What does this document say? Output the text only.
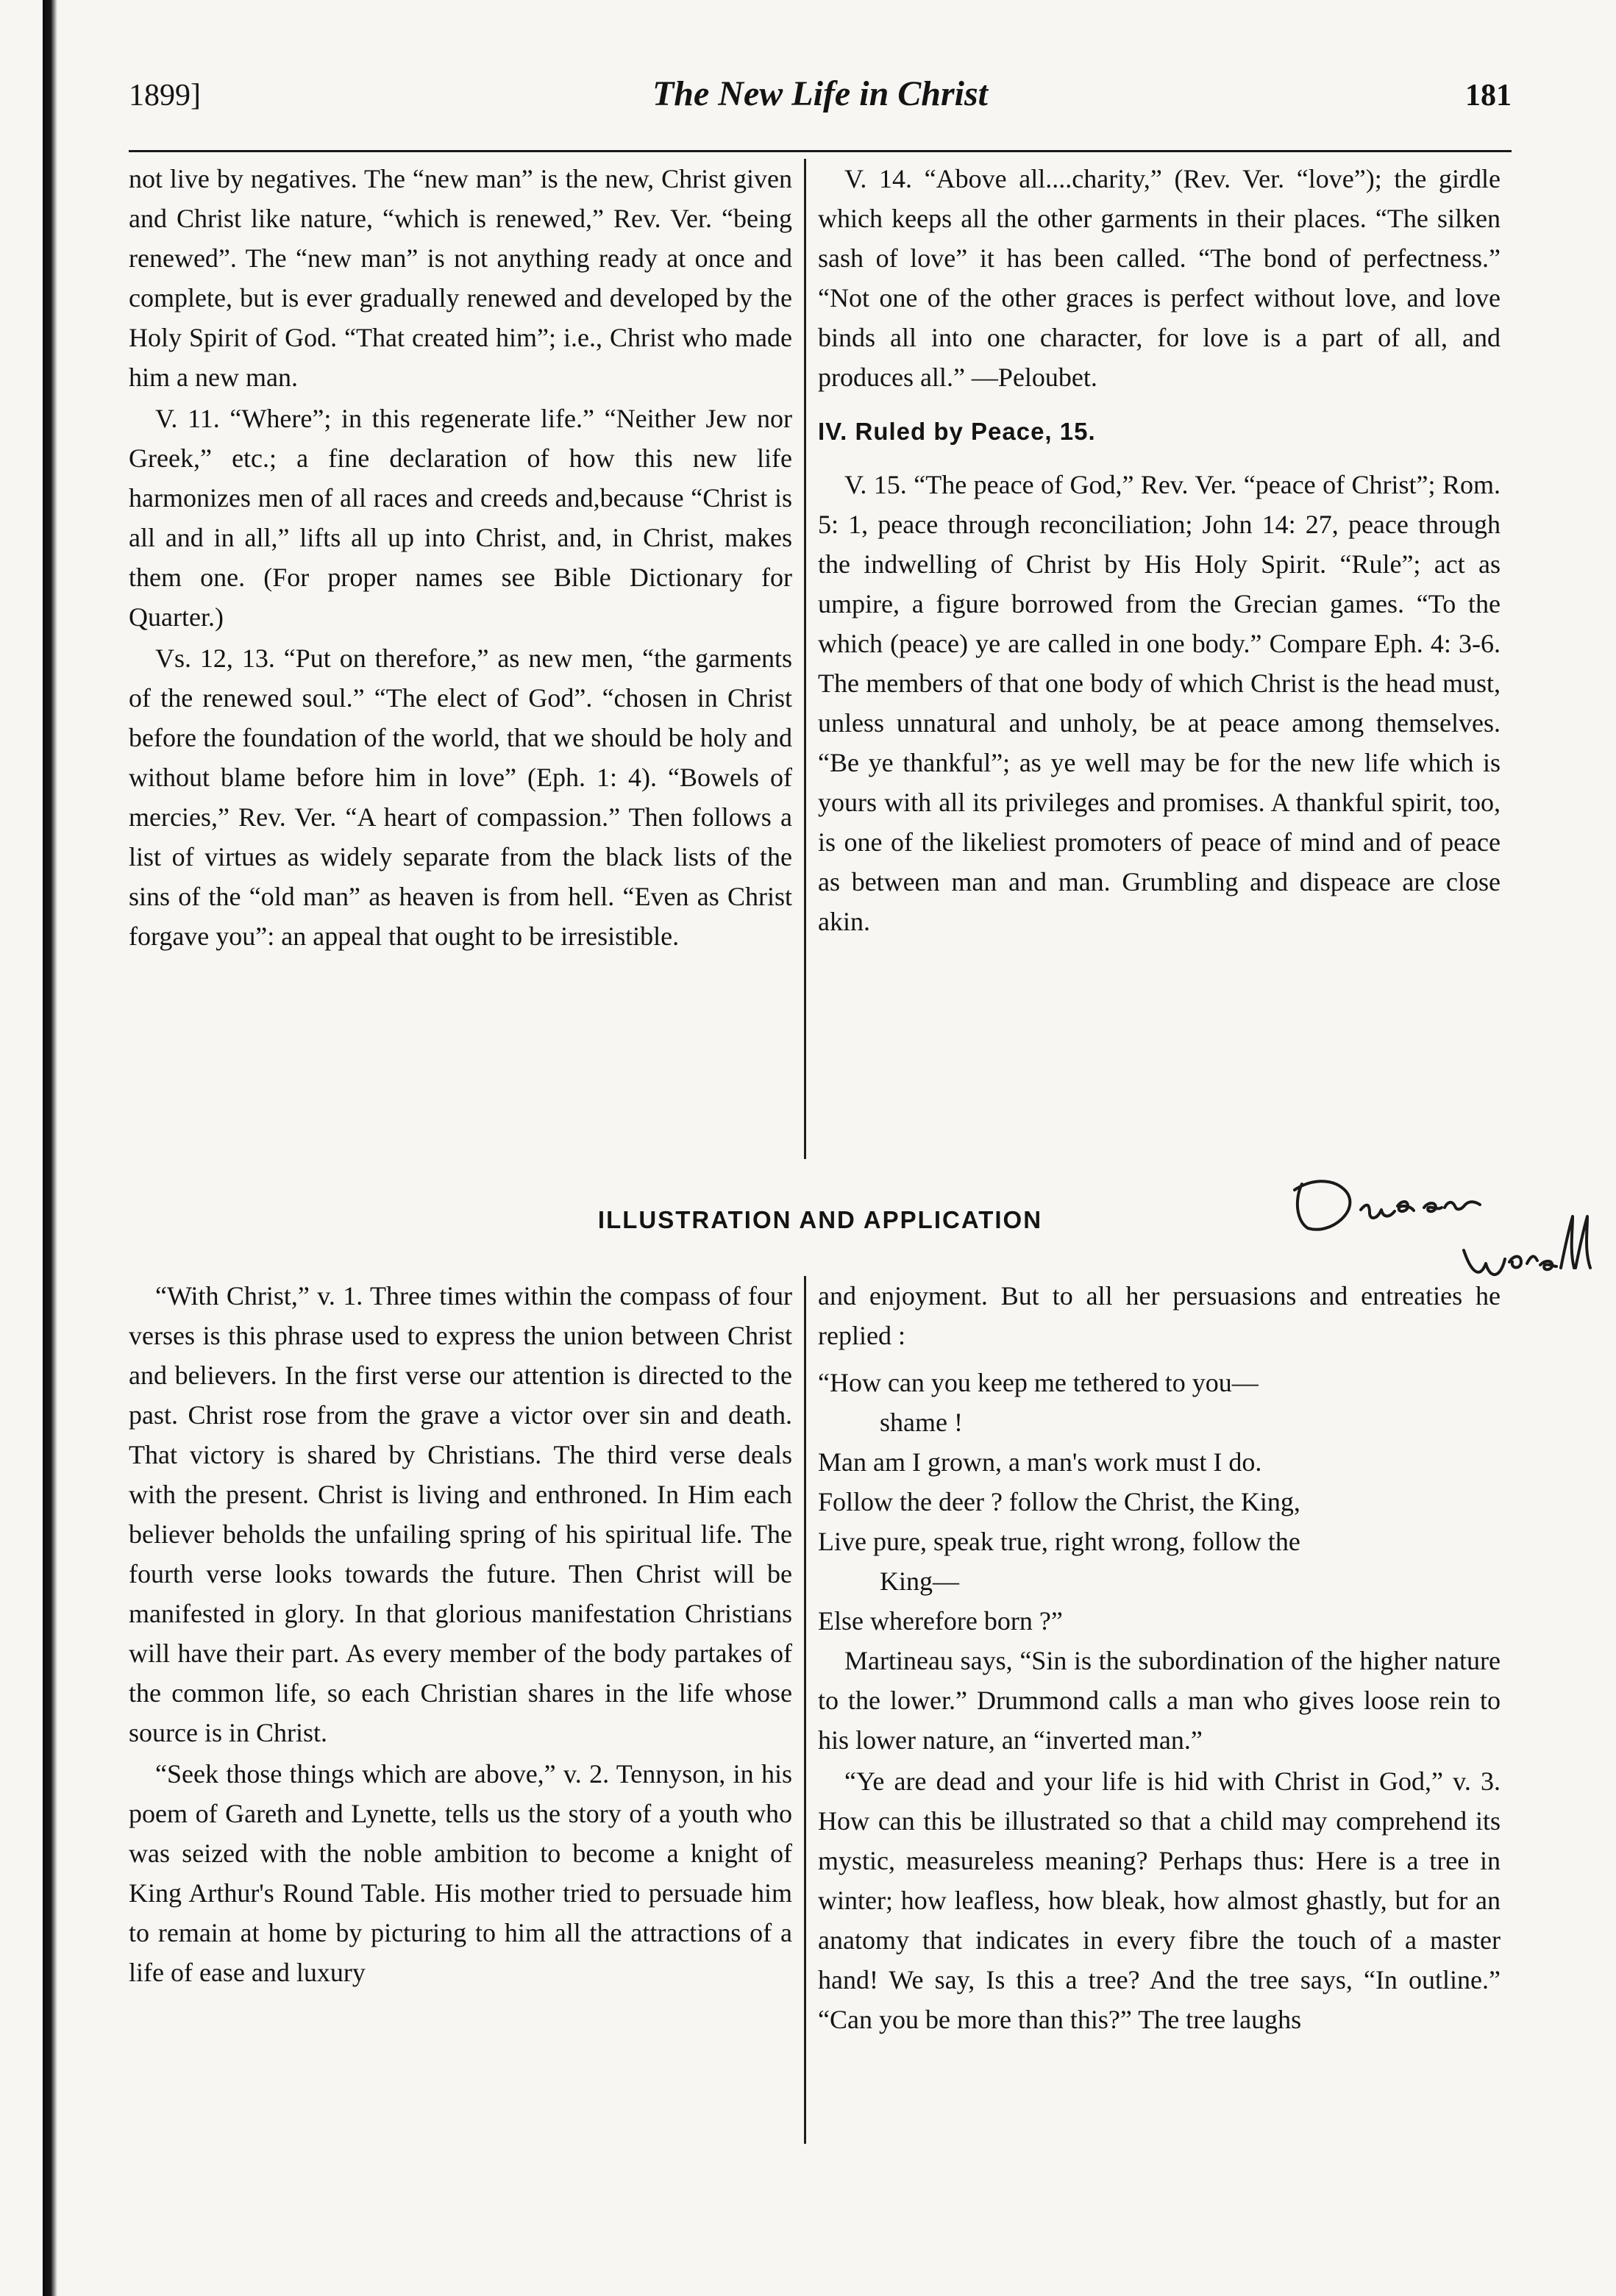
1899]	The New Life in Christ	181

not live by negatives. The “new man” is the new, Christ given and Christ like nature, “which is renewed,” Rev. Ver. “being renewed”. The “new man” is not anything ready at once and complete, but is ever gradually renewed and developed by the Holy Spirit of God. “That created him”; i.e., Christ who made him a new man.

V. 11. “Where”; in this regenerate life.” “Neither Jew nor Greek,” etc.; a fine declaration of how this new life harmonizes men of all races and creeds and,because “Christ is all and in all,” lifts all up into Christ, and, in Christ, makes them one. (For proper names see Bible Dictionary for Quarter.)

Vs. 12, 13. “Put on therefore,” as new men, “the garments of the renewed soul.” “The elect of God”. “chosen in Christ before the foundation of the world, that we should be holy and without blame before him in love” (Eph. 1: 4). “Bowels of mercies,” Rev. Ver. “A heart of compassion.” Then follows a list of virtues as widely separate from the black lists of the sins of the “old man” as heaven is from hell. “Even as Christ forgave you”: an appeal that ought to be irresistible.

V. 14. “Above all....charity,” (Rev. Ver. “love”); the girdle which keeps all the other garments in their places. “The silken sash of love” it has been called. “The bond of perfectness.” “Not one of the other graces is perfect without love, and love binds all into one character, for love is a part of all, and produces all.” —Peloubet.

IV. Ruled by Peace, 15.

V. 15. “The peace of God,” Rev. Ver. “peace of Christ”; Rom. 5: 1, peace through reconciliation; John 14: 27, peace through the indwelling of Christ by His Holy Spirit. “Rule”; act as umpire, a figure borrowed from the Grecian games. “To the which (peace) ye are called in one body.” Compare Eph. 4: 3-6. The members of that one body of which Christ is the head must, unless unnatural and unholy, be at peace among themselves. “Be ye thankful”; as ye well may be for the new life which is yours with all its privileges and promises. A thankful spirit, too, is one of the likeliest promoters of peace of mind and of peace as between man and man. Grumbling and dispeace are close akin.

ILLUSTRATION AND APPLICATION

“With Christ,” v. 1. Three times within the compass of four verses is this phrase used to express the union between Christ and believers. In the first verse our attention is directed to the past. Christ rose from the grave a victor over sin and death. That victory is shared by Christians. The third verse deals with the present. Christ is living and enthroned. In Him each believer beholds the unfailing spring of his spiritual life. The fourth verse looks towards the future. Then Christ will be manifested in glory. In that glorious manifestation Christians will have their part. As every member of the body partakes of the common life, so each Christian shares in the life whose source is in Christ.

“Seek those things which are above,” v. 2. Tennyson, in his poem of Gareth and Lynette, tells us the story of a youth who was seized with the noble ambition to become a knight of King Arthur's Round Table. His mother tried to persuade him to remain at home by picturing to him all the attractions of a life of ease and luxury

and enjoyment. But to all her persuasions and entreaties he replied :

“How can you keep me tethered to you—
shame !
Man am I grown, a man's work must I do.
Follow the deer ? follow the Christ, the King,
Live pure, speak true, right wrong, follow the
King—
Else wherefore born ?”

Martineau says, “Sin is the subordination of the higher nature to the lower.” Drummond calls a man who gives loose rein to his lower nature, an “inverted man.”

“Ye are dead and your life is hid with Christ in God,” v. 3. How can this be illustrated so that a child may comprehend its mystic, measureless meaning? Perhaps thus: Here is a tree in winter; how leafless, how bleak, how almost ghastly, but for an anatomy that indicates in every fibre the touch of a master hand! We say, Is this a tree? And the tree says, “In outline.” “Can you be more than this?” The tree laughs
